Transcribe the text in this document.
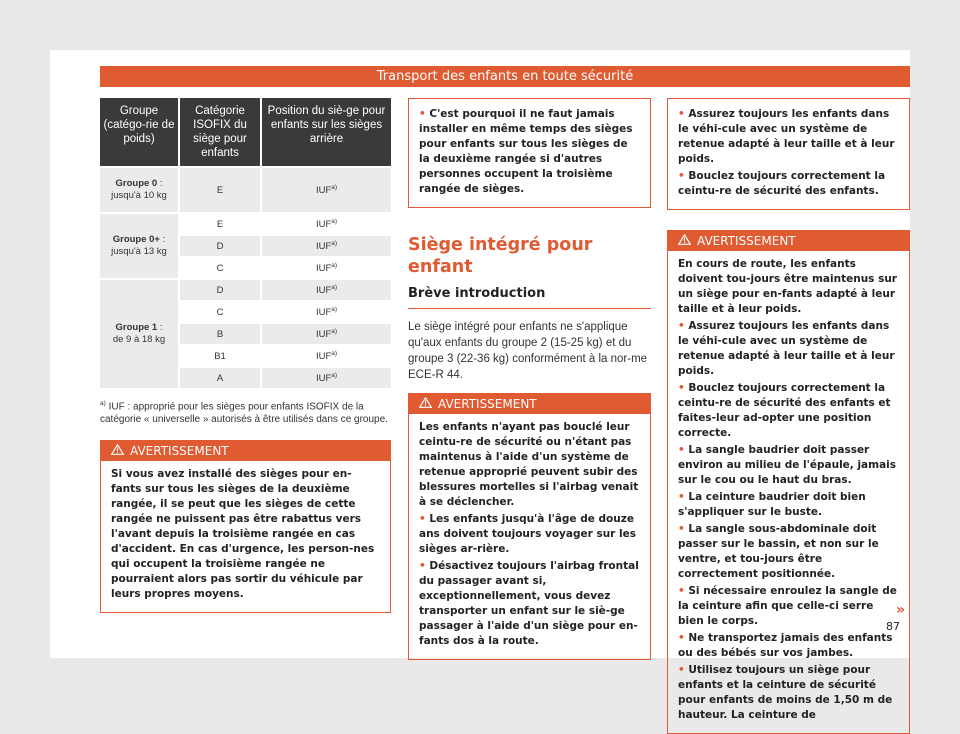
Transport des enfants en toute sécurité
Groupe (catégo-rie de poids)	Catégorie ISOFIX du siège pour enfants	Position du siè-ge pour enfants sur les sièges arrière
Groupe 0 :
jusqu'à 10 kg	E	IUF$^{a)}$
Groupe 0+ :
jusqu'à 13 kg	E	IUF$^{a)}$
	D	IUF$^{a)}$
	C	IUF$^{a)}$
Groupe 1 :
de 9 à 18 kg	D	IUF$^{a)}$
	C	IUF$^{a)}$
	B	IUF$^{a)}$
	B1	IUF$^{a)}$
	A	IUF$^{a)}$
$^{a)}$ IUF : approprié pour les sièges pour enfants ISOFIX de la catégorie « universelle » autorisés à être utilisés dans ce groupe.
AVERTISSEMENT

Si vous avez installé des sièges pour en-fants sur tous les sièges de la deuxième rangée, il se peut que les sièges de cette rangée ne puissent pas être rabattus vers l'avant depuis la troisième rangée en cas d'accident. En cas d'urgence, les person-nes qui occupent la troisième rangée ne pourraient alors pas sortir du véhicule par leurs propres moyens.

• C'est pourquoi il ne faut jamais installer en même temps des sièges pour enfants sur tous les sièges de la deuxième rangée si d'autres personnes occupent la troisième rangée de sièges.

Siège intégré pour enfant
Brève introduction

Le siège intégré pour enfants ne s'applique qu'aux enfants du groupe 2 (15-25 kg) et du groupe 3 (22-36 kg) conformément à la nor-me ECE-R 44.

AVERTISSEMENT

Les enfants n'ayant pas bouclé leur ceintu-re de sécurité ou n'étant pas maintenus à l'aide d'un système de retenue approprié peuvent subir des blessures mortelles si l'airbag venait à se déclencher.

• Les enfants jusqu'à l'âge de douze ans doivent toujours voyager sur les sièges ar-rière.

• Désactivez toujours l'airbag frontal du passager avant si, exceptionnellement, vous devez transporter un enfant sur le siè-ge passager à l'aide d'un siège pour en-fants dos à la route.

• Assurez toujours les enfants dans le véhi-cule avec un système de retenue adapté à leur taille et à leur poids.

• Bouclez toujours correctement la ceintu-re de sécurité des enfants.

AVERTISSEMENT

En cours de route, les enfants doivent tou-jours être maintenus sur un siège pour en-fants adapté à leur taille et à leur poids.

• Assurez toujours les enfants dans le véhi-cule avec un système de retenue adapté à leur taille et à leur poids.

• Bouclez toujours correctement la ceintu-re de sécurité des enfants et faites-leur ad-opter une position correcte.

• La sangle baudrier doit passer environ au milieu de l'épaule, jamais sur le cou ou le haut du bras.

• La ceinture baudrier doit bien s'appliquer sur le buste.

• La sangle sous-abdominale doit passer sur le bassin, et non sur le ventre, et tou-jours être correctement positionnée.

• Si nécessaire enroulez la sangle de la ceinture afin que celle-ci serre bien le corps.

• Ne transportez jamais des enfants ou des bébés sur vos jambes.

• Utilisez toujours un siège pour enfants et la ceinture de sécurité pour enfants de moins de 1,50 m de hauteur. La ceinture de

»
87
